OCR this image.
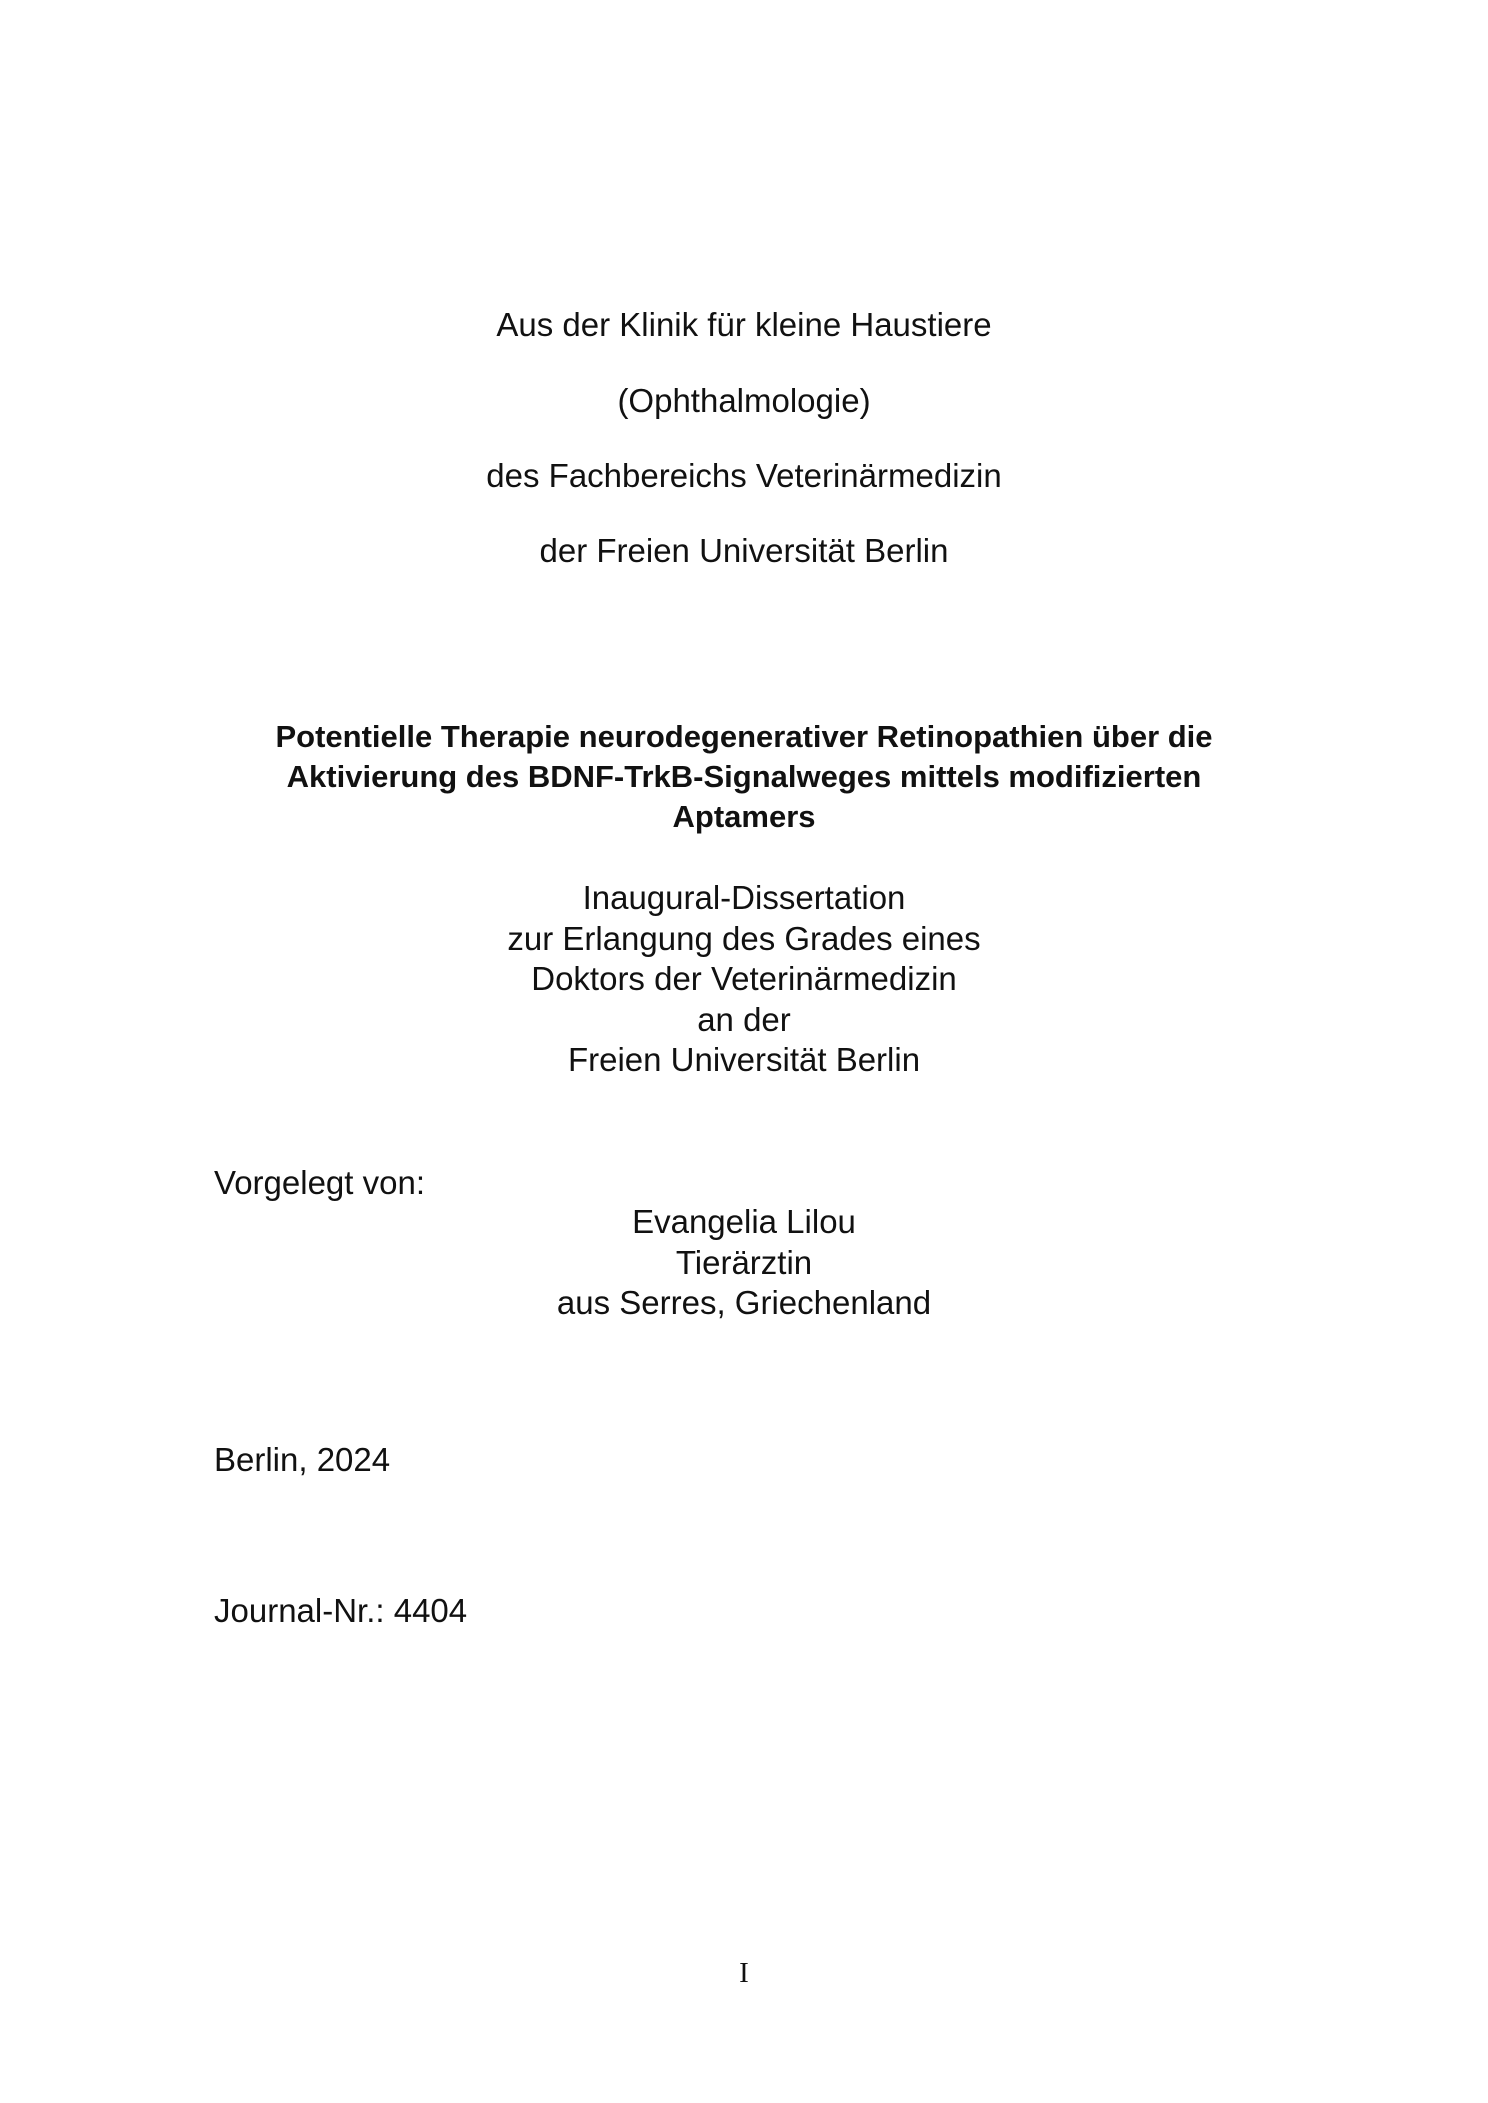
Aus der Klinik für kleine Haustiere
(Ophthalmologie)
des Fachbereichs Veterinärmedizin
der Freien Universität Berlin
Potentielle Therapie neurodegenerativer Retinopathien über die
Aktivierung des BDNF-TrkB-Signalweges mittels modifizierten
Aptamers
Inaugural-Dissertation
zur Erlangung des Grades eines
Doktors der Veterinärmedizin
an der
Freien Universität Berlin
Vorgelegt von:
Evangelia Lilou
Tierärztin
aus Serres, Griechenland
Berlin, 2024
Journal-Nr.: 4404
I
